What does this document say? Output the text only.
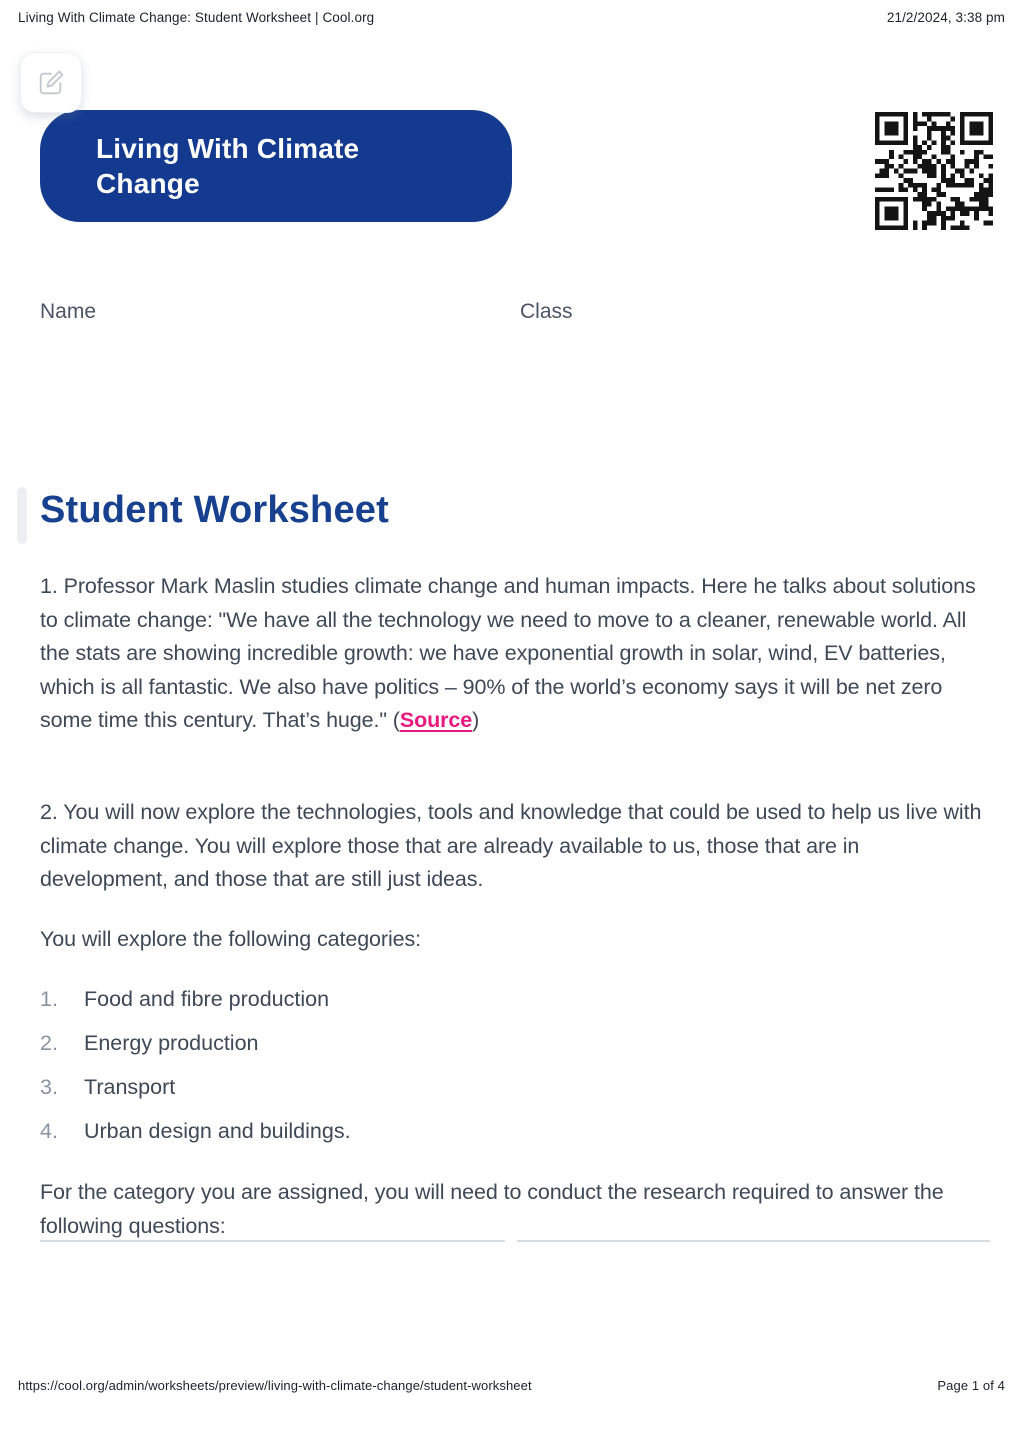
Living With Climate Change: Student Worksheet | Cool.org	21/2/2024, 3:38 pm
Living With Climate Change
Name	Class
Student Worksheet

1. Professor Mark Maslin studies climate change and human impacts. Here he talks about solutions to climate change: "We have all the technology we need to move to a cleaner, renewable world. All the stats are showing incredible growth: we have exponential growth in solar, wind, EV batteries, which is all fantastic. We also have politics – 90% of the world’s economy says it will be net zero some time this century. That’s huge." (Source)

2. You will now explore the technologies, tools and knowledge that could be used to help us live with climate change. You will explore those that are already available to us, those that are in development, and those that are still just ideas.

You will explore the following categories:

1.	Food and fibre production
2.	Energy production
3.	Transport
4.	Urban design and buildings.

For the category you are assigned, you will need to conduct the research required to answer the following questions:

https://cool.org/admin/worksheets/preview/living-with-climate-change/student-worksheet	Page 1 of 4
